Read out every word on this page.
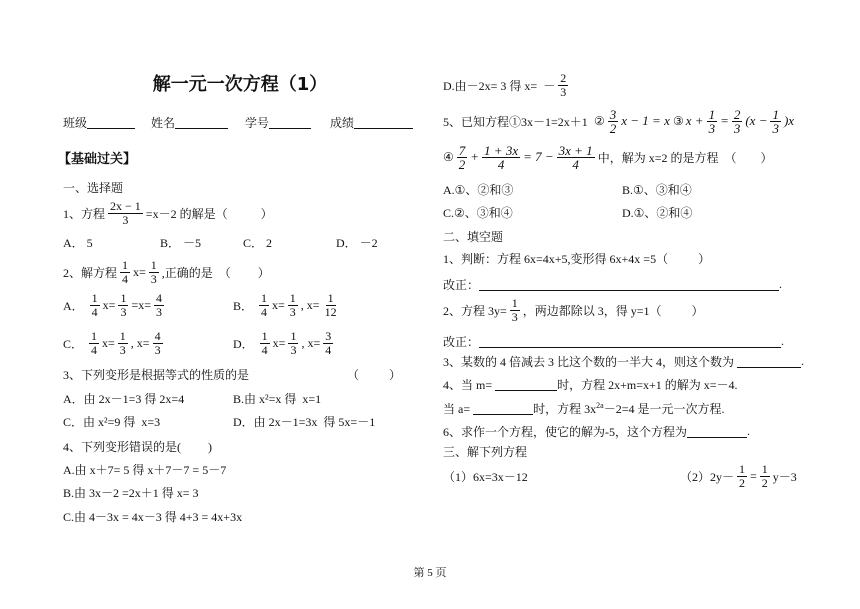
解一元一次方程（1）
班级	姓名	学号	成绩
【基础过关】
一、选择题
1、方程 $\frac{2x - 1}{3} =x-2$ 的解是（           ）
A． 5	B． －5	C． 2	D． －2
2、解方程 $\frac{1}{4} x= \frac{1}{3}$ ,正确的是  （         ）
A． $\frac{1}{4} x= \frac{1}{3} =x= \frac{4}{3}$	B． $\frac{1}{4} x= \frac{1}{3}$ , $x= \frac{1}{12}$
C． $\frac{1}{4} x= \frac{1}{3}$ , $x= \frac{4}{3}$	D． $\frac{1}{4} x= \frac{1}{3}$ , $x= \frac{3}{4}$
3、下列变形是根据等式的性质的是	（          ）
A．由 2x－1=3 得 2x=4	B.由 x²=x 得  x=1
C．由 x²=9 得  x=3	D．由 2x－1=3x  得 5x=－1
4、下列变形错误的是(         )
A.由 x＋7= 5 得 x＋7－7 = 5－7
B.由 3x－2 =2x＋1 得 x= 3
C.由 4－3x = 4x－3 得 4+3 = 4x+3x
D.由－2x= 3 得 $x= - \frac{2}{3}$
5、已知方程①3x－1=2x＋1 ② $\frac{3}{2}$ x − 1 = x ③ $x + \frac{1}{3} = \frac{2}{3} (x - \frac{1}{3} )x$
④ $\frac{7}{2} + \frac{1 + 3x}{4} = 7 - \frac{3x + 1}{4}$ 中，解为 x=2 的是方程  （        ）
A.①、②和③	B.①、③和④
C.②、③和④	D.①、②和④
二、填空题
1、判断：方程 6x=4x+5,变形得 6x+4x =5（          ）
改正：	.
2、方程 $3y= \frac{1}{3}$ ，两边都除以 3，得 y=1（          ）
改正：	.
3、某数的 4 倍减去 3 比这个数的一半大 4，则这个数为	.
4、当 m=	时，方程 2x+m=x+1 的解为 x=－4.
当 a=	时，方程 $3x^{2a} -2=4$ 是一元一次方程.
6、求作一个方程，使它的解为-5，这个方程为	.
三、解下列方程
（1）6x=3x－12	$(2)2y- \frac{1}{2} = \frac{1}{2} y-3$
第 5 页
